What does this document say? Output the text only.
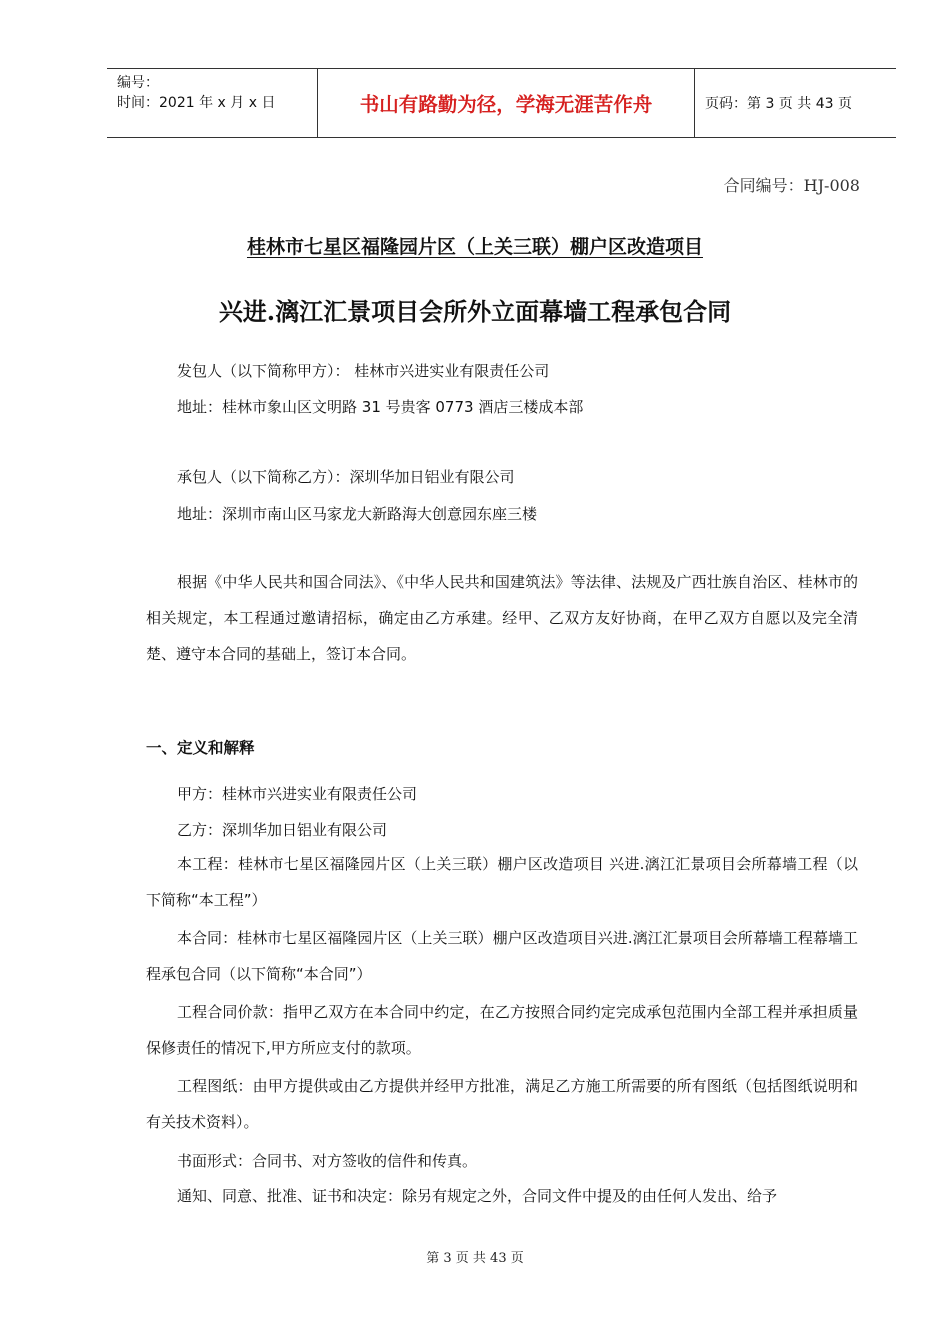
编号：
时间：2021 年 x 月 x 日	书山有路勤为径，学海无涯苦作舟	页码：第 3 页 共 43 页
合同编号：HJ-008
桂林市七星区福隆园片区（上关三联）棚户区改造项目
兴进.漓江汇景项目会所外立面幕墙工程承包合同
发包人（以下简称甲方）： 桂林市兴进实业有限责任公司
地址：桂林市象山区文明路 31 号贵客 0773 酒店三楼成本部
承包人（以下简称乙方）：深圳华加日铝业有限公司
地址：深圳市南山区马家龙大新路海大创意园东座三楼
根据《中华人民共和国合同法》、《中华人民共和国建筑法》等法律、法规及广西壮族自治区、桂林市的相关规定，本工程通过邀请招标，确定由乙方承建。经甲、乙双方友好协商，在甲乙双方自愿以及完全清楚、遵守本合同的基础上，签订本合同。
一、定义和解释
甲方：桂林市兴进实业有限责任公司
乙方：深圳华加日铝业有限公司
本工程：桂林市七星区福隆园片区（上关三联）棚户区改造项目 兴进.漓江汇景项目会所幕墙工程（以下简称“本工程”）
本合同：桂林市七星区福隆园片区（上关三联）棚户区改造项目兴进.漓江汇景项目会所幕墙工程幕墙工程承包合同（以下简称“本合同”）
工程合同价款：指甲乙双方在本合同中约定，在乙方按照合同约定完成承包范围内全部工程并承担质量保修责任的情况下,甲方所应支付的款项。
工程图纸：由甲方提供或由乙方提供并经甲方批准，满足乙方施工所需要的所有图纸（包括图纸说明和有关技术资料）。
书面形式：合同书、对方签收的信件和传真。
通知、同意、批准、证书和决定：除另有规定之外，合同文件中提及的由任何人发出、给予
第 3 页 共 43 页
